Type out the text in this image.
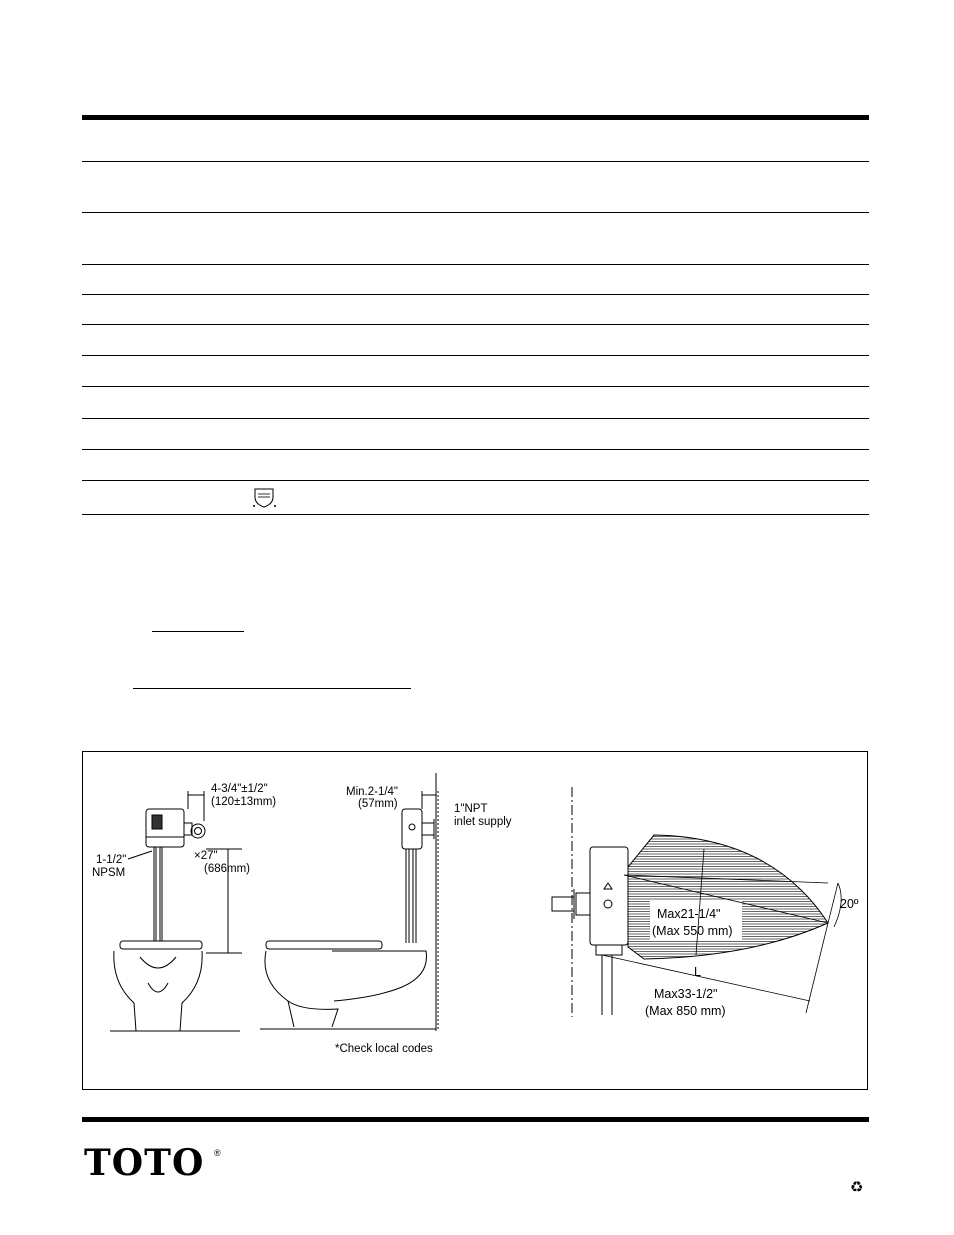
4-3/4"±1/2"
(120±13mm)
1-1/2"
NPSM
×27"
(686mm)
Min.2-1/4"
(57mm)	1"NPT
inlet supply
Max21-1/4"
(Max 550 mm)
L
Max33-1/2"
(Max 850 mm)
20º
*Check local codes
TOTO ®
♻
